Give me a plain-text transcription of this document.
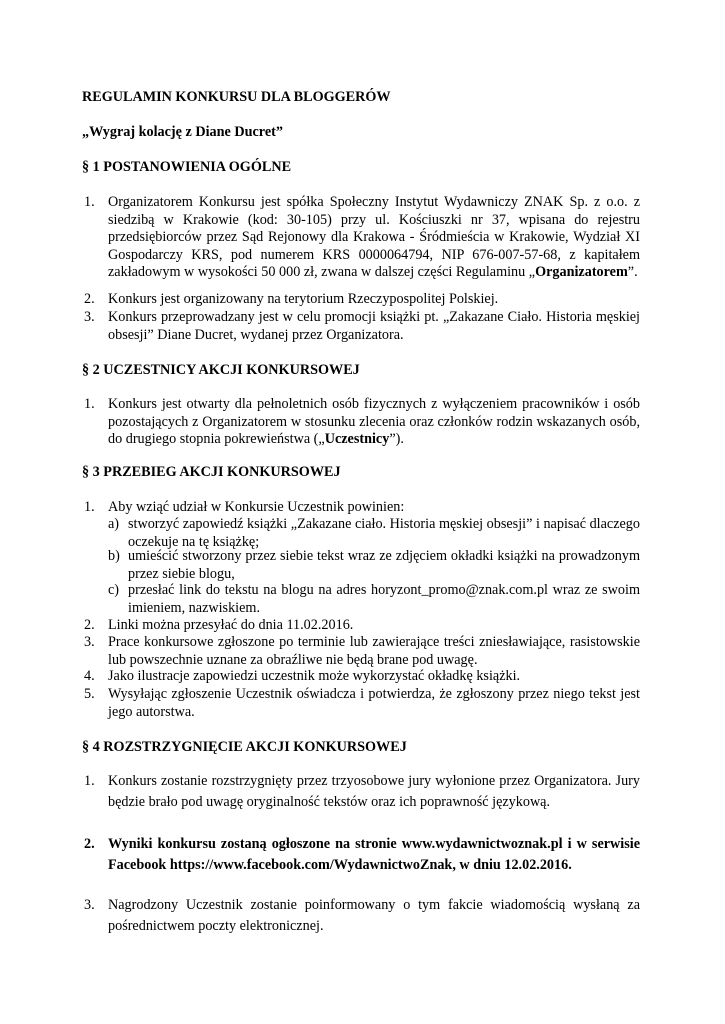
REGULAMIN KONKURSU DLA BLOGGERÓW
„Wygraj kolację z Diane Ducret”
§ 1 POSTANOWIENIA OGÓLNE
1. Organizatorem Konkursu jest spółka Społeczny Instytut Wydawniczy ZNAK Sp. z o.o. z siedzibą w Krakowie (kod: 30-105) przy ul. Kościuszki nr 37, wpisana do rejestru przedsiębiorców przez Sąd Rejonowy dla Krakowa - Śródmieścia w Krakowie, Wydział XI Gospodarczy KRS, pod numerem KRS 0000064794, NIP 676-007-57-68, z kapitałem zakładowym w wysokości 50 000 zł, zwana w dalszej części Regulaminu „Organizatorem”.
2. Konkurs jest organizowany na terytorium Rzeczypospolitej Polskiej.
3. Konkurs przeprowadzany jest w celu promocji książki pt. „Zakazane Ciało. Historia męskiej obsesji” Diane Ducret, wydanej przez Organizatora.
§ 2 UCZESTNICY AKCJI KONKURSOWEJ
1. Konkurs jest otwarty dla pełnoletnich osób fizycznych z wyłączeniem pracowników i osób pozostających z Organizatorem w stosunku zlecenia oraz członków rodzin wskazanych osób, do drugiego stopnia pokrewieństwa („Uczestnicy”).
§ 3 PRZEBIEG AKCJI KONKURSOWEJ
1. Aby wziąć udział w Konkursie Uczestnik powinien:
a) stworzyć zapowiedź książki „Zakazane ciało. Historia męskiej obsesji” i napisać dlaczego oczekuje na tę książkę;
b) umieścić stworzony przez siebie tekst wraz ze zdjęciem okładki książki na prowadzonym przez siebie blogu,
c) przesłać link do tekstu na blogu na adres horyzont_promo@znak.com.pl wraz ze swoim imieniem, nazwiskiem.
2. Linki można przesyłać do dnia 11.02.2016.
3. Prace konkursowe zgłoszone po terminie lub zawierające treści zniesławiające, rasistowskie lub powszechnie uznane za obraźliwe nie będą brane pod uwagę.
4. Jako ilustracje zapowiedzi uczestnik może wykorzystać okładkę książki.
5. Wysyłając zgłoszenie Uczestnik oświadcza i potwierdza, że zgłoszony przez niego tekst jest jego autorstwa.
§ 4 ROZSTRZYGNIĘCIE AKCJI KONKURSOWEJ
1. Konkurs zostanie rozstrzygnięty przez trzyosobowe jury wyłonione przez Organizatora. Jury będzie brało pod uwagę oryginalność tekstów oraz ich poprawność językową.
2. Wyniki konkursu zostaną ogłoszone na stronie www.wydawnictwoznak.pl i w serwisie Facebook https://www.facebook.com/WydawnictwoZnak, w dniu 12.02.2016.
3. Nagrodzony Uczestnik zostanie poinformowany o tym fakcie wiadomością wysłaną za pośrednictwem poczty elektronicznej.
